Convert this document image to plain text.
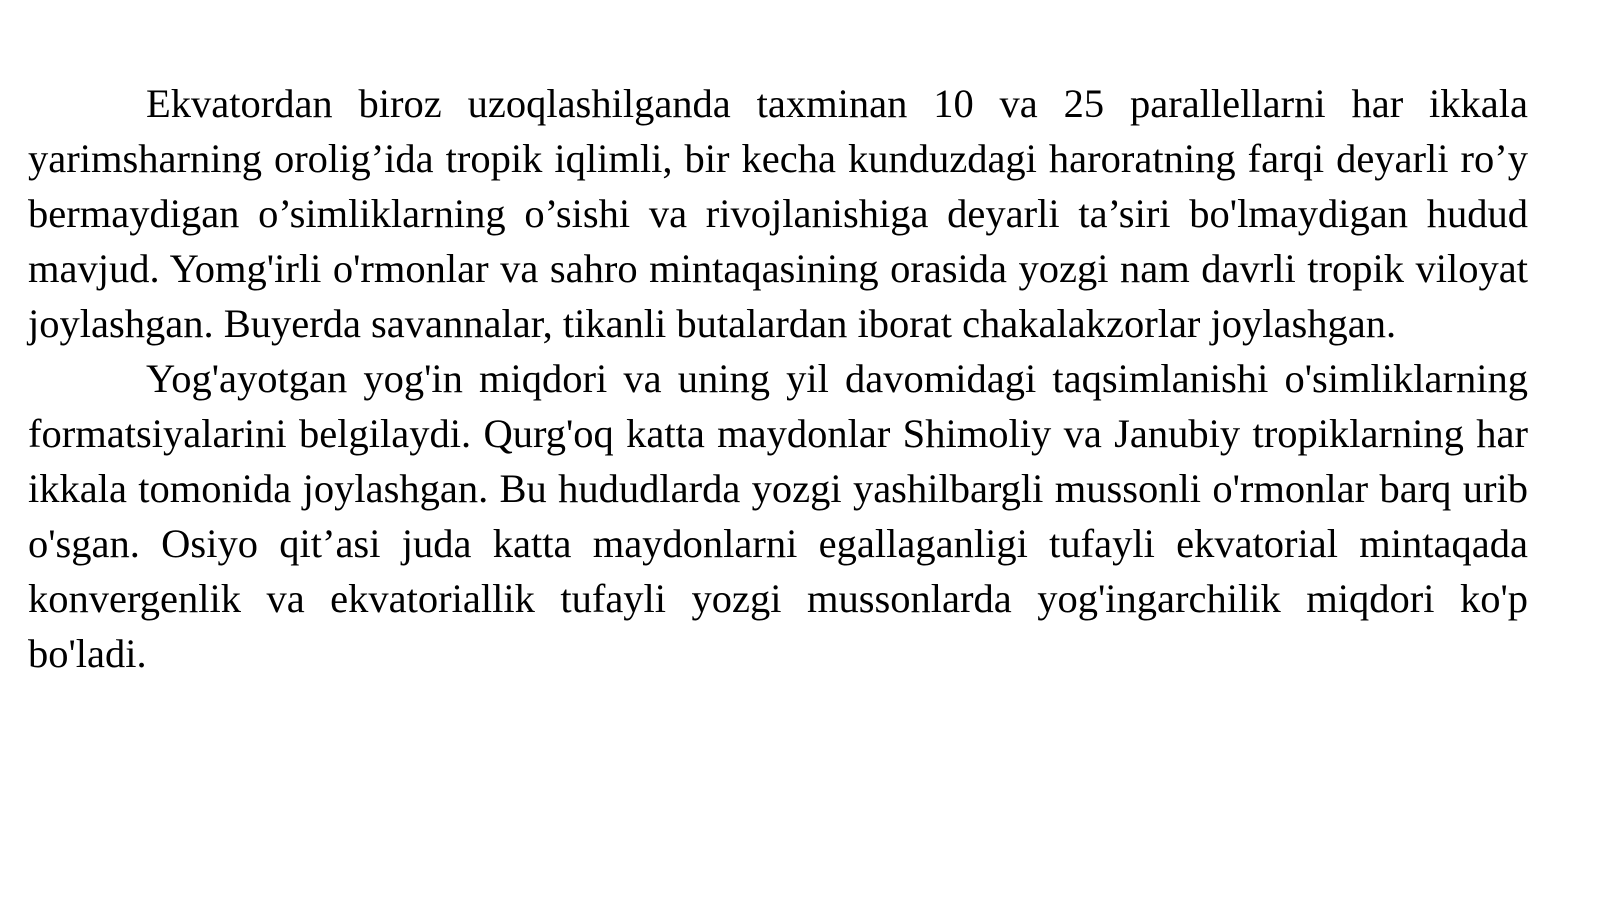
Ekvatordan biroz uzoqlashilganda taxminan 10 va 25 parallellarni har ikkala yarimsharning orolig’ida tropik iqlimli, bir kecha kunduzdagi haroratning farqi deyarli ro’y bermaydigan o’simliklarning o’sishi va rivojlanishiga deyarli ta’siri bo'lmaydigan hudud mavjud. Yomg'irli o'rmonlar va sahro mintaqasining orasida yozgi nam davrli tropik viloyat joylashgan. Buyerda savannalar, tikanli butalardan iborat chakalakzorlar joylashgan.

Yog'ayotgan yog'in miqdori va uning yil davomidagi taqsimlanishi o'simliklarning formatsiyalarini belgilaydi. Qurg'oq katta maydonlar Shimoliy va Janubiy tropiklarning har ikkala tomonida joylashgan. Bu hududlarda yozgi yashilbargli mussonli o'rmonlar barq urib o'sgan. Osiyo qit’asi juda katta maydonlarni egallaganligi tufayli ekvatorial mintaqada konvergenlik va ekvatoriallik tufayli yozgi mussonlarda yog'ingarchilik miqdori ko'p bo'ladi.
